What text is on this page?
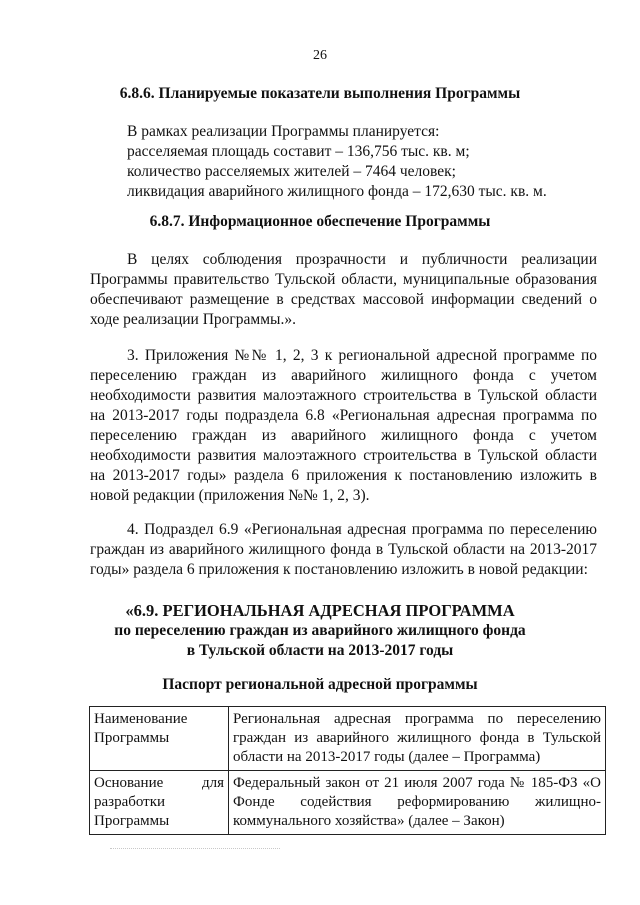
26
6.8.6. Планируемые показатели выполнения Программы
В рамках реализации Программы планируется:
расселяемая площадь составит – 136,756 тыс. кв. м;
количество расселяемых жителей – 7464 человек;
ликвидация аварийного жилищного фонда – 172,630 тыс. кв. м.
6.8.7. Информационное обеспечение Программы
В целях соблюдения прозрачности и публичности реализации Программы правительство Тульской области, муниципальные образования обеспечивают размещение в средствах массовой информации сведений о ходе реализации Программы.».
3. Приложения №№ 1, 2, 3 к региональной адресной программе по переселению граждан из аварийного жилищного фонда с учетом необходимости развития малоэтажного строительства в Тульской области на 2013-2017 годы подраздела 6.8 «Региональная адресная программа по переселению граждан из аварийного жилищного фонда с учетом необходимости развития малоэтажного строительства в Тульской области на 2013-2017 годы» раздела 6 приложения к постановлению изложить в новой редакции (приложения №№ 1, 2, 3).
4. Подраздел 6.9 «Региональная адресная программа по переселению граждан из аварийного жилищного фонда в Тульской области на 2013-2017 годы» раздела 6 приложения к постановлению изложить в новой редакции:
«6.9. РЕГИОНАЛЬНАЯ АДРЕСНАЯ ПРОГРАММА
по переселению граждан из аварийного жилищного фонда
в Тульской области на 2013-2017 годы
Паспорт региональной адресной программы
Наименование Программы	Региональная адресная программа по переселению граждан из аварийного жилищного фонда в Тульской области на 2013-2017 годы (далее – Программа)

Основание для
разработки Программы	Федеральный закон от 21 июля 2007 года № 185-ФЗ «О Фонде содействия реформированию жилищно-коммунального хозяйства» (далее – Закон)
